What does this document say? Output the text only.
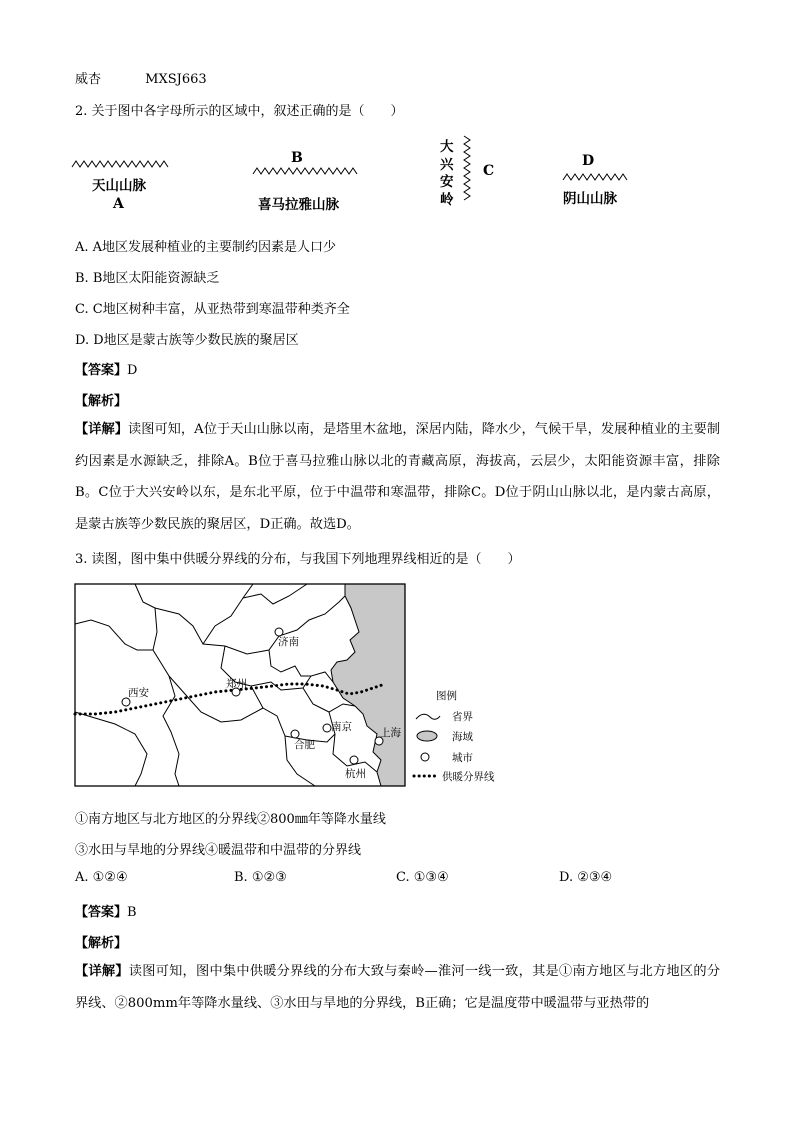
威杏	MXSJ663
2. 关于图中各字母所示的区域中，叙述正确的是（　　）
天山山脉
A
B
喜马拉雅山脉
大
兴
安
岭
C
D
阴山山脉
A. A地区发展种植业的主要制约因素是人口少
B. B地区太阳能资源缺乏
C. C地区树种丰富，从亚热带到寒温带种类齐全
D. D地区是蒙古族等少数民族的聚居区
【答案】D
【解析】
【详解】读图可知，A位于天山山脉以南，是塔里木盆地，深居内陆，降水少，气候干旱，发展种植业的主要制约因素是水源缺乏，排除A。B位于喜马拉雅山脉以北的青藏高原，海拔高，云层少，太阳能资源丰富，排除B。C位于大兴安岭以东，是东北平原，位于中温带和寒温带，排除C。D位于阴山山脉以北，是内蒙古高原，是蒙古族等少数民族的聚居区，D正确。故选D。
3. 读图，图中集中供暖分界线的分布，与我国下列地理界线相近的是（　　）
济南
郑州
西安
南京
合肥
上海
杭州
图例
省界
海域
城市
供暖分界线
①南方地区与北方地区的分界线②800㎜年等降水量线
③水田与旱地的分界线④暖温带和中温带的分界线
A. ①②④	B. ①②③	C. ①③④	D. ②③④
【答案】B
【解析】
【详解】读图可知，图中集中供暖分界线的分布大致与秦岭—淮河一线一致，其是①南方地区与北方地区的分界线、②800mm年等降水量线、③水田与旱地的分界线，B正确；它是温度带中暖温带与亚热带的
